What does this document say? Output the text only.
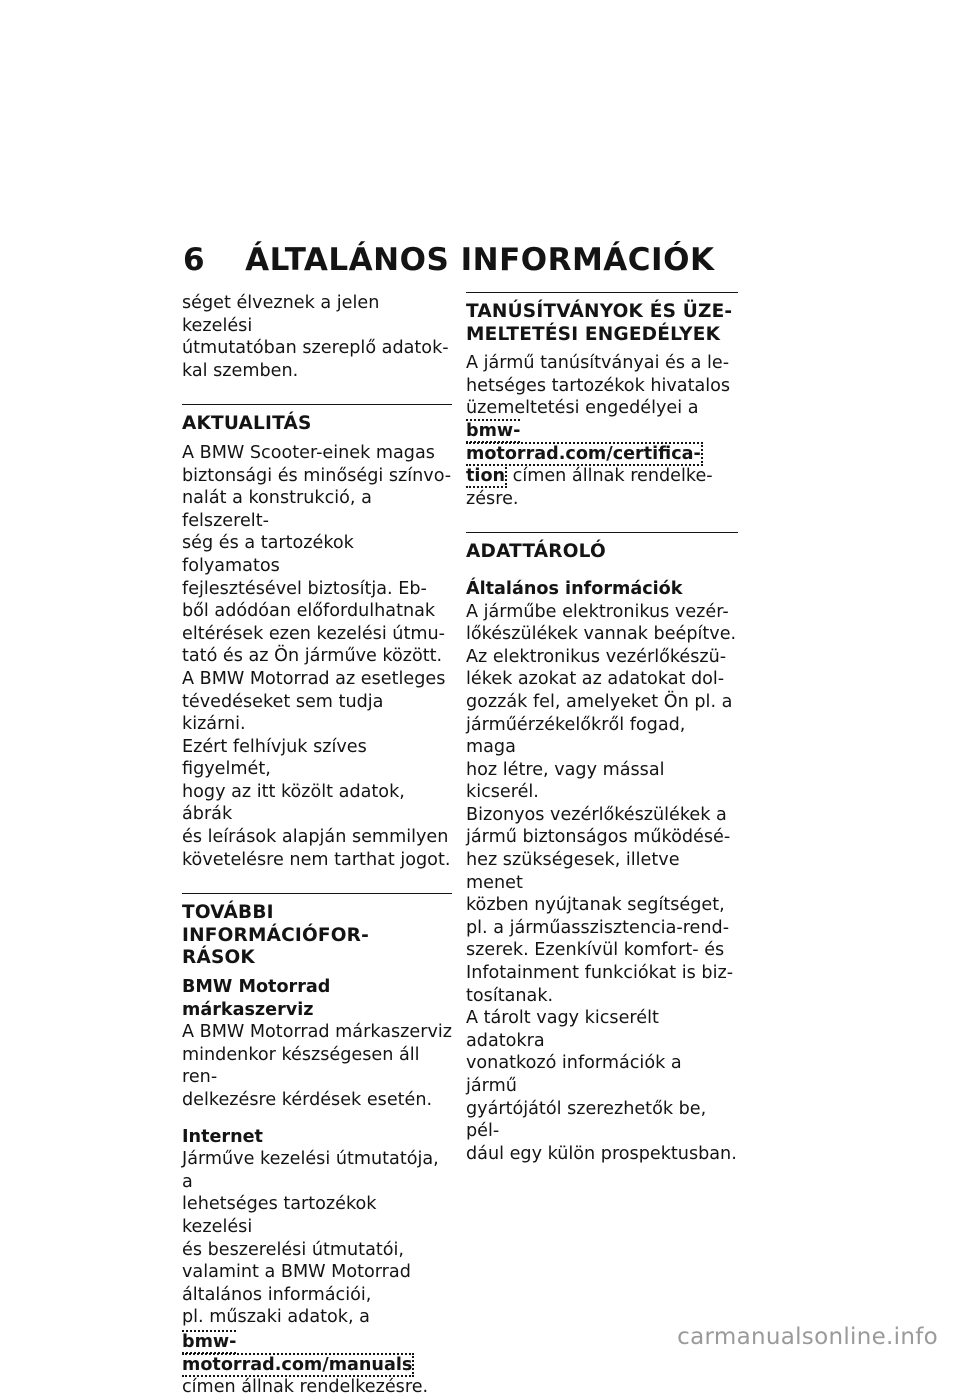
6 ÁLTALÁNOS INFORMÁCIÓK

séget élveznek a jelen kezelési

útmutatóban szereplő adatok-

kal szemben.

AKTUALITÁS

A BMW Scooter-einek magas

biztonsági és minőségi színvo-

nalát a konstrukció, a felszerelt-

ség és a tartozékok folyamatos

fejlesztésével biztosítja. Eb-

ből adódóan előfordulhatnak

eltérések ezen kezelési útmu-

tató és az Ön járműve között.

A BMW Motorrad az esetleges

tévedéseket sem tudja kizárni.

Ezért felhívjuk szíves figyelmét,

hogy az itt közölt adatok, ábrák

és leírások alapján semmilyen

követelésre nem tarthat jogot.

TOVÁBBI INFORMÁCIÓFOR-
RÁSOK
BMW Motorrad márkaszerviz

A BMW Motorrad márkaszerviz

mindenkor készségesen áll ren-

delkezésre kérdések esetén.

Internet

Járműve kezelési útmutatója, a

lehetséges tartozékok kezelési

és beszerelési útmutatói,

valamint a BMW Motorrad

általános információi,

pl. műszaki adatok, a

bmw-motorrad.com/manuals

címen állnak rendelkezésre.

TANÚSÍTVÁNYOK ÉS ÜZE-
MELTETÉSI ENGEDÉLYEK

A jármű tanúsítványai és a le-

hetséges tartozékok hivatalos

üzemeltetési engedélyei a

bmw-motorrad.com/certifica-

tion címen állnak rendelke-

zésre.

ADATTÁROLÓ
Általános információk

A járműbe elektronikus vezér-

lőkészülékek vannak beépítve.

Az elektronikus vezérlőkészü-

lékek azokat az adatokat dol-

gozzák fel, amelyeket Ön pl. a

járműérzékelőkről fogad, maga

hoz létre, vagy mással kicserél.

Bizonyos vezérlőkészülékek a

jármű biztonságos működésé-

hez szükségesek, illetve menet

közben nyújtanak segítséget,

pl. a járműasszisztencia-rend-

szerek. Ezenkívül komfort- és

Infotainment funkciókat is biz-

tosítanak.

A tárolt vagy kicserélt adatokra

vonatkozó információk a jármű

gyártójától szerezhetők be, pél-

dául egy külön prospektusban.

carmanualsonline.info
